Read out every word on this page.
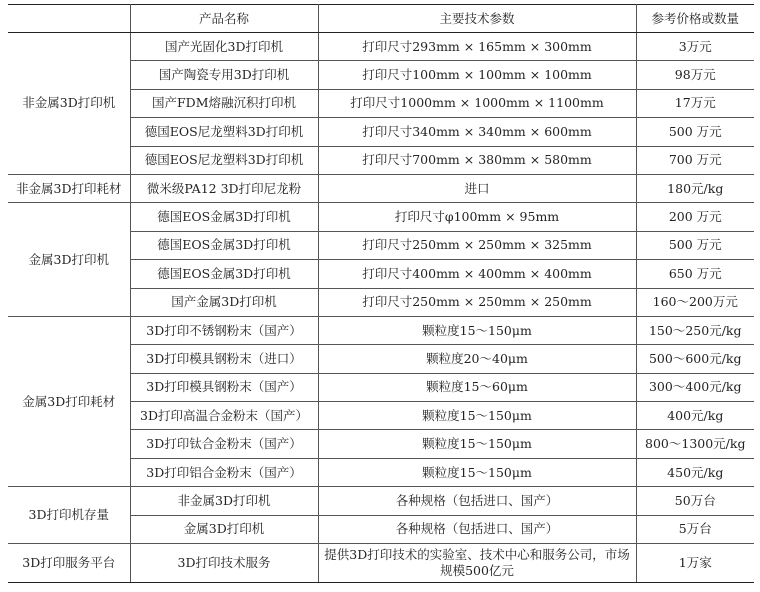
	产品名称	主要技术参数	参考价格或数量
非金属3D打印机	国产光固化3D打印机	打印尺寸293mm × 165mm × 300mm	3万元
	国产陶瓷专用3D打印机	打印尺寸100mm × 100mm × 100mm	98万元
	国产FDM熔融沉积打印机	打印尺寸1000mm × 1000mm × 1100mm	17万元
	德国EOS尼龙塑料3D打印机	打印尺寸340mm × 340mm × 600mm	500 万元
	德国EOS尼龙塑料3D打印机	打印尺寸700mm × 380mm × 580mm	700 万元
非金属3D打印耗材	微米级PA12 3D打印尼龙粉	进口	180元/kg
金属3D打印机	德国EOS金属3D打印机	打印尺寸φ100mm × 95mm	200 万元
	德国EOS金属3D打印机	打印尺寸250mm × 250mm × 325mm	500 万元
	德国EOS金属3D打印机	打印尺寸400mm × 400mm × 400mm	650 万元
	国产金属3D打印机	打印尺寸250mm × 250mm × 250mm	160～200万元
金属3D打印耗材	3D打印不锈钢粉末（国产）	颗粒度15～150μm	150～250元/kg
	3D打印模具钢粉末（进口）	颗粒度20～40μm	500～600元/kg
	3D打印模具钢粉末（国产）	颗粒度15～60μm	300～400元/kg
	3D打印高温合金粉末（国产）	颗粒度15～150μm	400元/kg
	3D打印钛合金粉末（国产）	颗粒度15～150μm	800～1300元/kg
	3D打印铝合金粉末（国产）	颗粒度15～150μm	450元/kg
3D打印机存量	非金属3D打印机	各种规格（包括进口、国产）	50万台
	金属3D打印机	各种规格（包括进口、国产）	5万台
3D打印服务平台	3D打印技术服务	提供3D打印技术的实验室、技术中心和服务公司，市场规模500亿元	1万家
